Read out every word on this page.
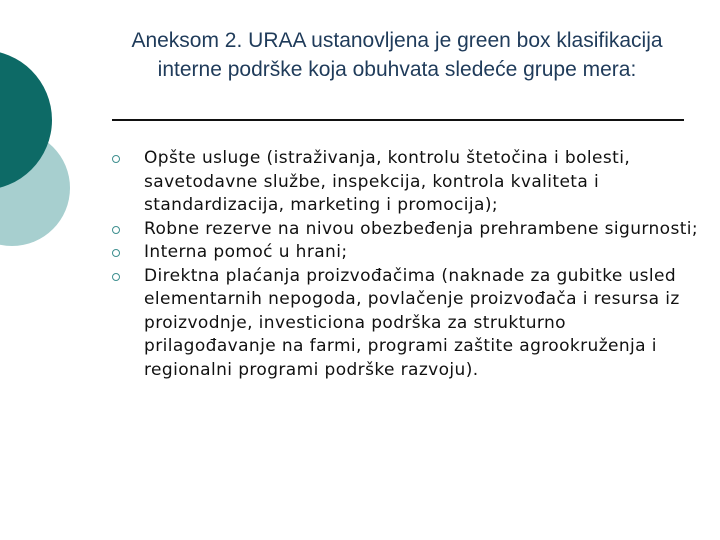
Aneksom 2. URAA ustanovljena je green box klasifikacija interne podrške koja obuhvata sledeće grupe mera:
Opšte usluge (istraživanja, kontrolu štetočina i bolesti, savetodavne službe, inspekcija, kontrola kvaliteta i standardizacija, marketing i promocija);
Robne rezerve na nivou obezbeđenja prehrambene sigurnosti;
Interna pomoć u hrani;
Direktna plaćanja proizvođačima (naknade za gubitke usled elementarnih nepogoda, povlačenje proizvođača i resursa iz proizvodnje, investiciona podrška za strukturno prilagođavanje na farmi, programi zaštite agrookruženja i regionalni programi podrške razvoju).
